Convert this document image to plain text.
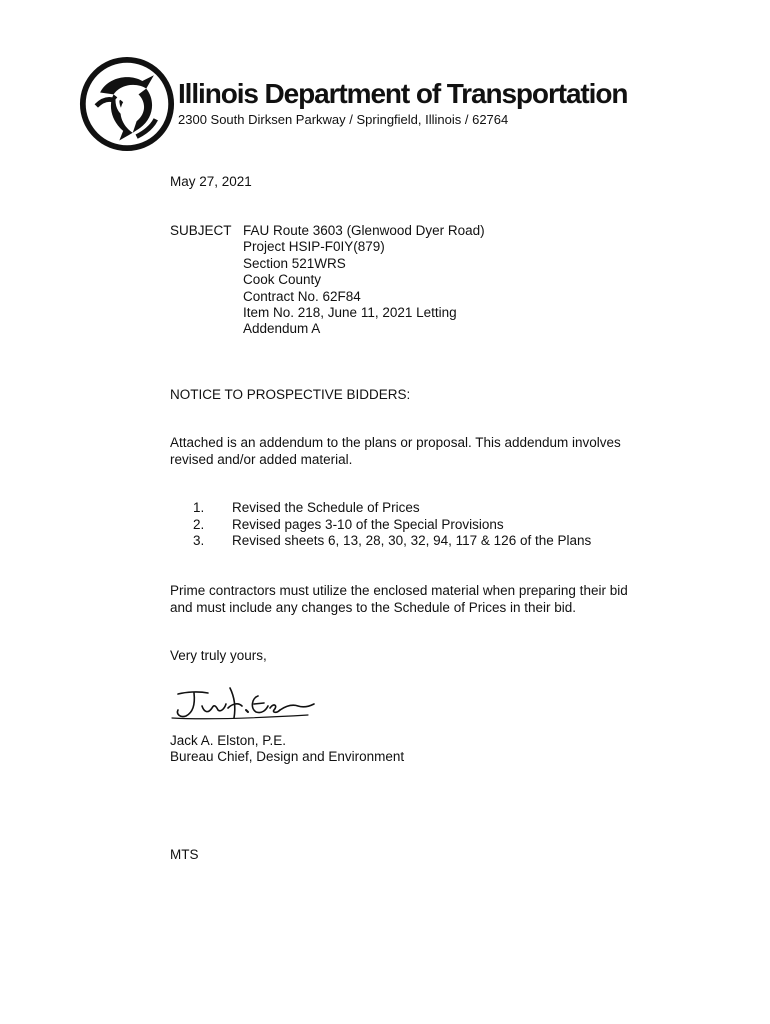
Illinois Department of Transportation
2300 South Dirksen Parkway / Springfield, Illinois / 62764
May 27, 2021
SUBJECT FAU Route 3603 (Glenwood Dyer Road)
Project HSIP-F0IY(879)
Section 521WRS
Cook County
Contract No. 62F84
Item No. 218, June 11, 2021 Letting
Addendum A
NOTICE TO PROSPECTIVE BIDDERS:
Attached is an addendum to the plans or proposal. This addendum involves
revised and/or added material.
1. Revised the Schedule of Prices
2. Revised pages 3-10 of the Special Provisions
3. Revised sheets 6, 13, 28, 30, 32, 94, 117 & 126 of the Plans
Prime contractors must utilize the enclosed material when preparing their bid
and must include any changes to the Schedule of Prices in their bid.
Very truly yours,
Jack A. Elston, P.E.
Bureau Chief, Design and Environment
MTS
